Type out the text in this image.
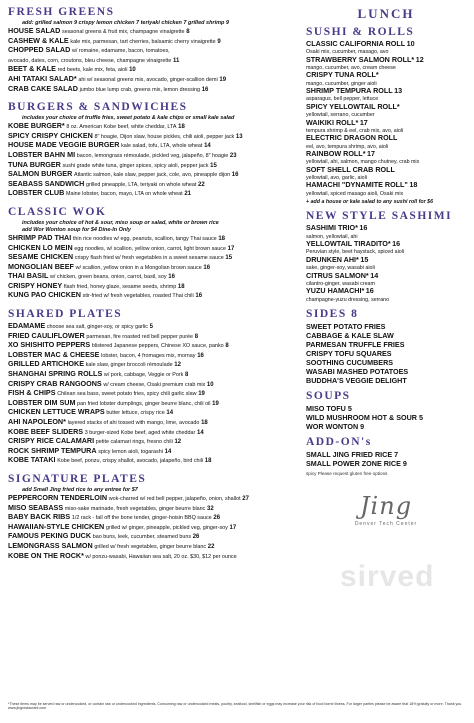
FRESH GREENS
add: grilled salmon 9 crispy lemon chicken 7 teriyaki chicken 7 grilled shrimp 9
HOUSE SALAD seasonal greens & fruit mix, champagne vinaigrette 8
CASHEW & KALE kale mix, parmesan, tart cherries, balsamic cherry vinaigrette 9
CHOPPED SALAD w/ romaine, edamame, bacon, tomatoes,
avocado, dates, corn, croutons, bleu cheese, champagne vinaigrette 11
BEET & KALE red beets, kale mix, feta, aioli 10
AHI TATAKI SALAD* ahi w/ seasonal greens mix, avocado, ginger-scallion demi 19
CRAB CAKE SALAD jumbo blue lump crab, greens mix, lemon dressing 16
BURGERS & SANDWICHES
includes your choice of truffle fries, sweet potato & kale chips or small kale salad
KOBE BURGER* 8 oz. American Kobe beef, white cheddar, LTA 18
SPICY CRISPY CHICKEN 8" hoagie, Dijon slaw, house pickles, chili aioli, pepper jack 13
HOUSE MADE VEGGIE BURGER kale salad, tofu, LTA, whole wheat 14
LOBSTER BAHN MI bacon, lemongrass rémoulade, pickled veg, jalapeño, 8" hoagie 23
TUNA BURGER sushi grade white tuna, ginger spices, spicy aioli, pepper jack 15
SALMON BURGER Atlantic salmon, kale slaw, pepper jack, cole, avo, pineapple dijon 16
SEABASS SANDWICH grilled pineapple, LTA, teriyaki on whole wheat 22
LOBSTER CLUB Maine lobster, bacon, mayo, LTA on whole wheat 21
CLASSIC WOK
includes your choice of hot & sour, miso soup or salad, white or brown rice
add Wor Wonton soup for $4 Dine-In Only
SHRIMP PAD THAI thin rice noodles w/ egg, peanuts, scallion, tangy Thai sauce 18
CHICKEN LO MEIN egg noodles, w/ scallion, yellow onion, carrot, light brown sauce 17
SESAME CHICKEN crispy flash fried w/ fresh vegetables in a sweet sesame sauce 15
MONGOLIAN BEEF w/ scallion, yellow onion in a Mongolian brown sauce 16
THAI BASIL w/ chicken, green beans, onion, carrot, basil, soy 16
CRISPY HONEY flash fried, honey glaze, sesame seeds, shrimp 18
KUNG PAO CHICKEN stir-fried w/ fresh vegetables, roasted Thai chili 16
SHARED PLATES
EDAMAME choose sea salt, ginger-soy, or spicy garlic 5
FRIED CAULIFLOWER parmesan, fire roasted red bell pepper purée 8
XO SHISHITO PEPPERS blistered Japanese peppers, Chinese XO sauce, panko 8
LOBSTER MAC & CHEESE lobster, bacon, 4 fromages mix, mornay 16
GRILLED ARTICHOKE kale slaw, ginger broccoli rémoulade 12
SHANGHAI SPRING ROLLS w/ pork, cabbage, Veggie or Pork 8
CRISPY CRAB RANGOONS w/ cream cheese, Osaki premium crab mix 10
FISH & CHIPS Chilean sea bass, sweet potato fries, spicy chili garlic slaw 19
LOBSTER DIM SUM pan fried lobster dumplings, ginger beurre blanc, chili oil 19
CHICKEN LETTUCE WRAPS butter lettuce, crispy rice 14
AHI NAPOLEON* layered stacks of ahi tossed with mango, lime, avocado 18
KOBE BEEF SLIDERS 3 burger-sized Kobe beef, aged white cheddar 14
CRISPY RICE CALAMARI petite calamari rings, fresno chili 12
ROCK SHRIMP TEMPURA spicy lemon aioli, togarashi 14
KOBE TATAKI Kobe beef, ponzu, crispy shallot, avocado, jalapeño, bird chili 18
SIGNATURE PLATES
add Small Jing fried rice to any entree for $7
PEPPERCORN TENDERLOIN wok-charred w/ red bell pepper, jalapeño, onion, shallot 27
MISO SEABASS miso-sake marinade, fresh vegetables, ginger beurre blanc 32
BABY BACK RIBS 1/2 rack - fall off the bone tender, ginger-hoisin BBQ sauce 26
HAWAIIAN-STYLE CHICKEN grilled w/ ginger, pineapple, pickled veg, ginger-soy 17
FAMOUS PEKING DUCK bao buns, leek, cucumber, steamed buns 26
LEMONGRASS SALMON grilled w/ fresh vegetables, ginger beurre blanc 22
KOBE ON THE ROCK* w/ ponzu-wasabi, Hawaiian sea salt, 20 oz. $30, $12 per ounce
LUNCH
SUSHI & ROLLS
CLASSIC CALIFORNIA ROLL 10
Osaki mix, cucumber, masago, avo
STRAWBERRY SALMON ROLL* 12
mango, cucumber, avo, cream cheese
CRISPY TUNA ROLL*
mango, cucumber, ginger aioli
SHRIMP TEMPURA ROLL 13
asparagus, bell pepper, lettuce
SPICY YELLOWTAIL ROLL*
yellowtail, serrano, cucumber
WAIKIKI ROLL* 17
tempura shrimp & eel, crab mix, avo, aioli
ELECTRIC DRAGON ROLL
eel, avo, tempura shrimp, avo, aioli
RAINBOW ROLL* 17
yellowtail, ahi, salmon, mango chutney, crab mix
SOFT SHELL CRAB ROLL
yellowtail, avo, garlic, aioli
HAMACHI "DYNAMITE ROLL" 18
yellowtail, spiced masago aioli, Osaki mix
+ add a house or kale salad to any sushi roll for $6
NEW STYLE SASHIMI
SASHIMI TRIO* 16
salmon, yellowtail, ahi
YELLOWTAIL TIRADITO* 16
Peruvian style, beet haystack, spiced aioli
DRUNKEN AHI* 15
sake, ginger-soy, wasabi aioli
CITRUS SALMON* 14
cilantro-ginger, wasabi cream
YUZU HAMACHI* 16
champagne-yuzu dressing, serrano
SIDES 8
SWEET POTATO FRIES
CABBAGE & KALE SLAW
PARMESAN TRUFFLE FRIES
CRISPY TOFU SQUARES
SOOTHING CUCUMBERS
WASABI MASHED POTATOES
BUDDHA'S VEGGIE DELIGHT
SOUPS
MISO TOFU 5
WILD MUSHROOM HOT & SOUR 5
WOR WONTON 9
ADD-ON's
SMALL JING FRIED RICE 7
SMALL POWER ZONE RICE 9
spicy Please request gluten free options
Jing
Denver Tech Center
sirved
*These items may be served raw or undercooked, or contain raw or undercooked ingredients. Consuming raw or undercooked meats, poultry, seafood, shellfish or eggs may increase your risk of food borne illness. For larger parties please be aware that 18% gratuity or more. Thank you. www.jingrestaurant.com
